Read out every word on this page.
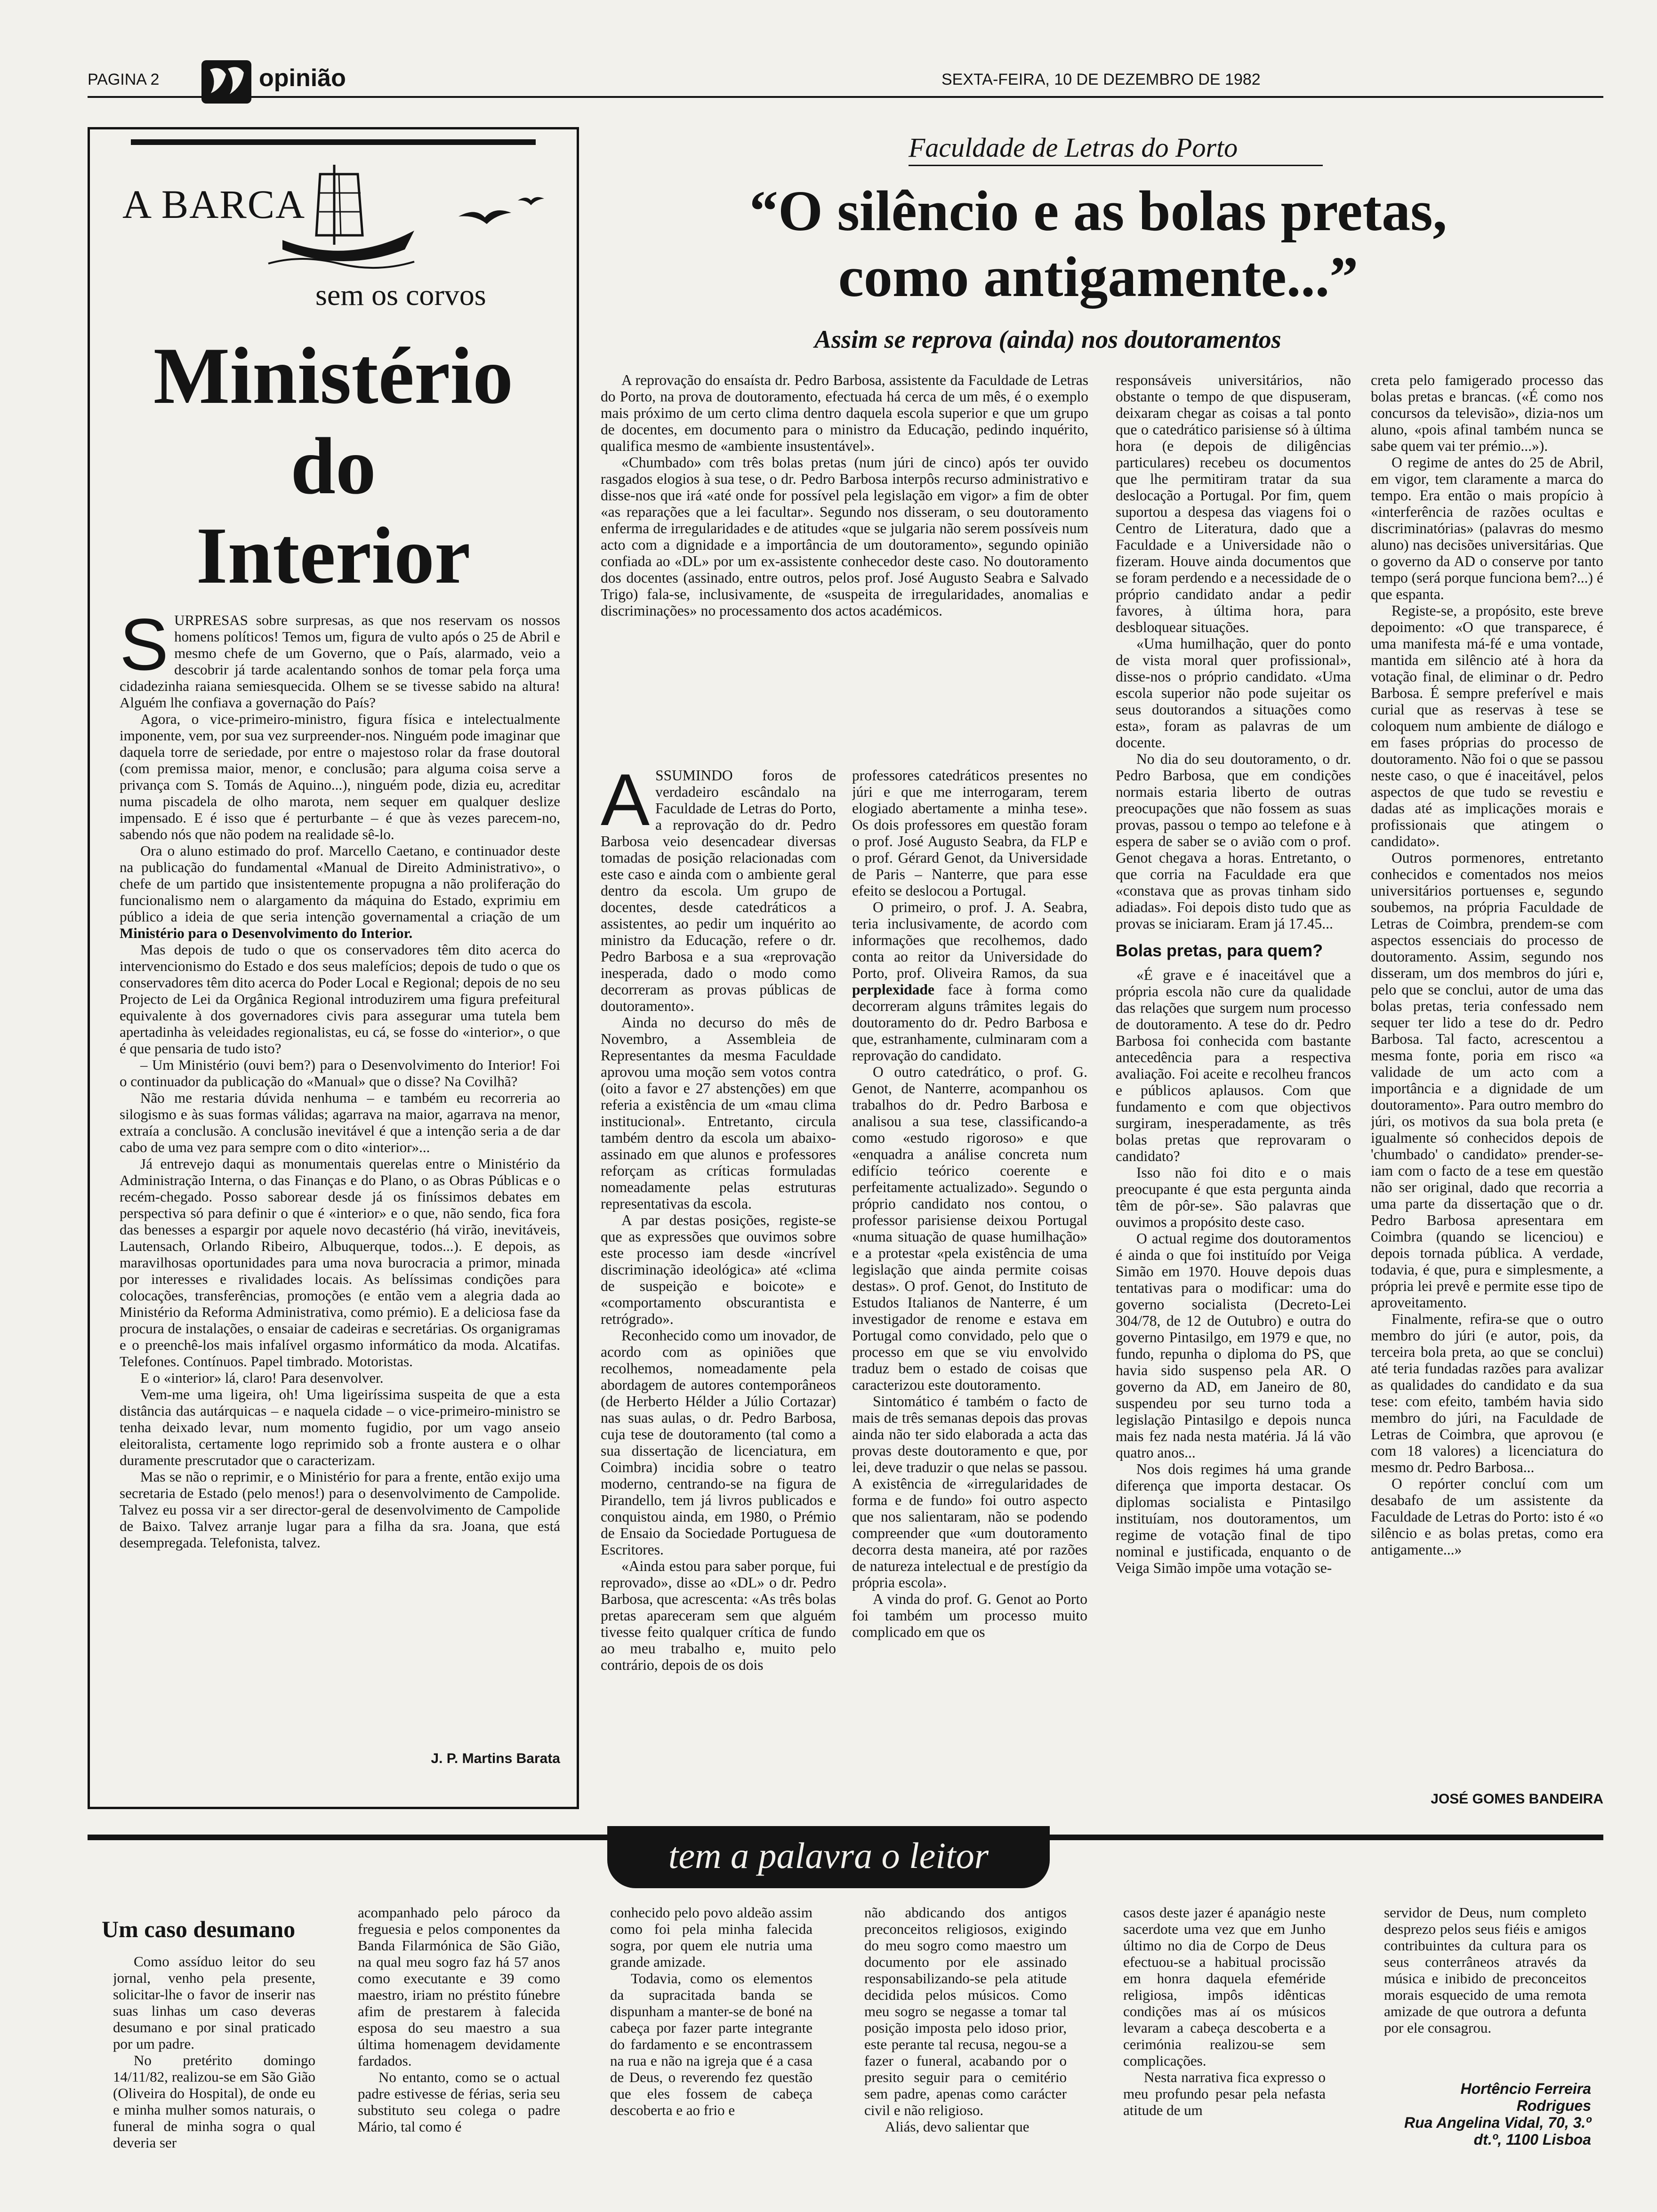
PAGINA 2	opinião	SEXTA-FEIRA, 10 DE DEZEMBRO DE 1982
A BARCA
sem os corvos
Ministério
do
Interior

SURPRESAS sobre surpresas, as que nos reservam os nossos homens políticos! Temos um, figura de vulto após o 25 de Abril e mesmo chefe de um Governo, que o País, alarmado, veio a descobrir já tarde acalentando sonhos de tomar pela força uma cidadezinha raiana semiesquecida. Olhem se se tivesse sabido na altura! Alguém lhe confiava a governação do País?

Agora, o vice-primeiro-ministro, figura física e intelectualmente imponente, vem, por sua vez surpreender-nos. Ninguém pode imaginar que daquela torre de seriedade, por entre o majestoso rolar da frase doutoral (com premissa maior, menor, e conclusão; para alguma coisa serve a privança com S. Tomás de Aquino...), ninguém pode, dizia eu, acreditar numa piscadela de olho marota, nem sequer em qualquer deslize impensado. E é isso que é perturbante – é que às vezes parecem-no, sabendo nós que não podem na realidade sê-lo.

Ora o aluno estimado do prof. Marcello Caetano, e continuador deste na publicação do fundamental «Manual de Direito Administrativo», o chefe de um partido que insistentemente propugna a não proliferação do funcionalismo nem o alargamento da máquina do Estado, exprimiu em público a ideia de que seria intenção governamental a criação de um Ministério para o Desenvolvimento do Interior.

Mas depois de tudo o que os conservadores têm dito acerca do intervencionismo do Estado e dos seus malefícios; depois de tudo o que os conservadores têm dito acerca do Poder Local e Regional; depois de no seu Projecto de Lei da Orgânica Regional introduzirem uma figura prefeitural equivalente à dos governadores civis para assegurar uma tutela bem apertadinha às veleidades regionalistas, eu cá, se fosse do «interior», o que é que pensaria de tudo isto?

– Um Ministério (ouvi bem?) para o Desenvolvimento do Interior! Foi o continuador da publicação do «Manual» que o disse? Na Covilhã?

Não me restaria dúvida nenhuma – e também eu recorreria ao silogismo e às suas formas válidas; agarrava na maior, agarrava na menor, extraía a conclusão. A conclusão inevitável é que a intenção seria a de dar cabo de uma vez para sempre com o dito «interior»...

Já entrevejo daqui as monumentais querelas entre o Ministério da Administração Interna, o das Finanças e do Plano, o as Obras Públicas e o recém-chegado. Posso saborear desde já os finíssimos debates em perspectiva só para definir o que é «interior» e o que, não sendo, fica fora das benesses a espargir por aquele novo decastério (há virão, inevitáveis, Lautensach, Orlando Ribeiro, Albuquerque, todos...). E depois, as maravilhosas oportunidades para uma nova burocracia a primor, minada por interesses e rivalidades locais. As belíssimas condições para colocações, transferências, promoções (e então vem a alegria dada ao Ministério da Reforma Administrativa, como prémio). E a deliciosa fase da procura de instalações, o ensaiar de cadeiras e secretárias. Os organigramas e o preenchê-los mais infalível orgasmo informático da moda. Alcatifas. Telefones. Contínuos. Papel timbrado. Motoristas.

E o «interior» lá, claro! Para desenvolver.

Vem-me uma ligeira, oh! Uma ligeiríssima suspeita de que a esta distância das autárquicas – e naquela cidade – o vice-primeiro-ministro se tenha deixado levar, num momento fugidio, por um vago anseio eleitoralista, certamente logo reprimido sob a fronte austera e o olhar duramente prescrutador que o caracterizam.

Mas se não o reprimir, e o Ministério for para a frente, então exijo uma secretaria de Estado (pelo menos!) para o desenvolvimento de Campolide. Talvez eu possa vir a ser director-geral de desenvolvimento de Campolide de Baixo. Talvez arranje lugar para a filha da sra. Joana, que está desempregada. Telefonista, talvez.

J. P. Martins Barata
Faculdade de Letras do Porto
“O silêncio e as bolas pretas,
como antigamente...”
Assim se reprova (ainda) nos doutoramentos

A reprovação do ensaísta dr. Pedro Barbosa, assistente da Faculdade de Letras do Porto, na prova de doutoramento, efectuada há cerca de um mês, é o exemplo mais próximo de um certo clima dentro daquela escola superior e que um grupo de docentes, em documento para o ministro da Educação, pedindo inquérito, qualifica mesmo de «ambiente insustentável».

«Chumbado» com três bolas pretas (num júri de cinco) após ter ouvido rasgados elogios à sua tese, o dr. Pedro Barbosa interpôs recurso administrativo e disse-nos que irá «até onde for possível pela legislação em vigor» a fim de obter «as reparações que a lei facultar». Segundo nos disseram, o seu doutoramento enferma de irregularidades e de atitudes «que se julgaria não serem possíveis num acto com a dignidade e a importância de um doutoramento», segundo opinião confiada ao «DL» por um ex-assistente conhecedor deste caso. No doutoramento dos docentes (assinado, entre outros, pelos prof. José Augusto Seabra e Salvado Trigo) fala-se, inclusivamente, de «suspeita de irregularidades, anomalias e discriminações» no processamento dos actos académicos.

ASSUMINDO foros de verdadeiro escândalo na Faculdade de Letras do Porto, a reprovação do dr. Pedro Barbosa veio desencadear diversas tomadas de posição relacionadas com este caso e ainda com o ambiente geral dentro da escola. Um grupo de docentes, desde catedráticos a assistentes, ao pedir um inquérito ao ministro da Educação, refere o dr. Pedro Barbosa e a sua «reprovação inesperada, dado o modo como decorreram as provas públicas de doutoramento».

Ainda no decurso do mês de Novembro, a Assembleia de Representantes da mesma Faculdade aprovou uma moção sem votos contra (oito a favor e 27 abstenções) em que referia a existência de um «mau clima institucional». Entretanto, circula também dentro da escola um abaixo-assinado em que alunos e professores reforçam as críticas formuladas nomeadamente pelas estruturas representativas da escola.

A par destas posições, registe-se que as expressões que ouvimos sobre este processo iam desde «incrível discriminação ideológica» até «clima de suspeição e boicote» e «comportamento obscurantista e retrógrado».

Reconhecido como um inovador, de acordo com as opiniões que recolhemos, nomeadamente pela abordagem de autores contemporâneos (de Herberto Hélder a Júlio Cortazar) nas suas aulas, o dr. Pedro Barbosa, cuja tese de doutoramento (tal como a sua dissertação de licenciatura, em Coimbra) incidia sobre o teatro moderno, centrando-se na figura de Pirandello, tem já livros publicados e conquistou ainda, em 1980, o Prémio de Ensaio da Sociedade Portuguesa de Escritores.

«Ainda estou para saber porque, fui reprovado», disse ao «DL» o dr. Pedro Barbosa, que acrescenta: «As três bolas pretas apareceram sem que alguém tivesse feito qualquer crítica de fundo ao meu trabalho e, muito pelo contrário, depois de os dois

professores catedráticos presentes no júri e que me interrogaram, terem elogiado abertamente a minha tese». Os dois professores em questão foram o prof. José Augusto Seabra, da FLP e o prof. Gérard Genot, da Universidade de Paris – Nanterre, que para esse efeito se deslocou a Portugal.

O primeiro, o prof. J. A. Seabra, teria inclusivamente, de acordo com informações que recolhemos, dado conta ao reitor da Universidade do Porto, prof. Oliveira Ramos, da sua perplexidade face à forma como decorreram alguns trâmites legais do doutoramento do dr. Pedro Barbosa e que, estranhamente, culminaram com a reprovação do candidato.

O outro catedrático, o prof. G. Genot, de Nanterre, acompanhou os trabalhos do dr. Pedro Barbosa e analisou a sua tese, classificando-a como «estudo rigoroso» e que «enquadra a análise concreta num edifício teórico coerente e perfeitamente actualizado». Segundo o próprio candidato nos contou, o professor parisiense deixou Portugal «numa situação de quase humilhação» e a protestar «pela existência de uma legislação que ainda permite coisas destas». O prof. Genot, do Instituto de Estudos Italianos de Nanterre, é um investigador de renome e estava em Portugal como convidado, pelo que o processo em que se viu envolvido traduz bem o estado de coisas que caracterizou este doutoramento.

Sintomático é também o facto de mais de três semanas depois das provas ainda não ter sido elaborada a acta das provas deste doutoramento e que, por lei, deve traduzir o que nelas se passou. A existência de «irregularidades de forma e de fundo» foi outro aspecto que nos salientaram, não se podendo compreender que «um doutoramento decorra desta maneira, até por razões de natureza intelectual e de prestígio da própria escola».

A vinda do prof. G. Genot ao Porto foi também um processo muito complicado em que os

responsáveis universitários, não obstante o tempo de que dispuseram, deixaram chegar as coisas a tal ponto que o catedrático parisiense só à última hora (e depois de diligências particulares) recebeu os documentos que lhe permitiram tratar da sua deslocação a Portugal. Por fim, quem suportou a despesa das viagens foi o Centro de Literatura, dado que a Faculdade e a Universidade não o fizeram. Houve ainda documentos que se foram perdendo e a necessidade de o próprio candidato andar a pedir favores, à última hora, para desbloquear situações.

«Uma humilhação, quer do ponto de vista moral quer profissional», disse-nos o próprio candidato. «Uma escola superior não pode sujeitar os seus doutorandos a situações como esta», foram as palavras de um docente.

No dia do seu doutoramento, o dr. Pedro Barbosa, que em condições normais estaria liberto de outras preocupações que não fossem as suas provas, passou o tempo ao telefone e à espera de saber se o avião com o prof. Genot chegava a horas. Entretanto, o que corria na Faculdade era que «constava que as provas tinham sido adiadas». Foi depois disto tudo que as provas se iniciaram. Eram já 17.45...

Bolas pretas, para quem?

«É grave e é inaceitável que a própria escola não cure da qualidade das relações que surgem num processo de doutoramento. A tese do dr. Pedro Barbosa foi conhecida com bastante antecedência para a respectiva avaliação. Foi aceite e recolheu francos e públicos aplausos. Com que fundamento e com que objectivos surgiram, inesperadamente, as três bolas pretas que reprovaram o candidato?

Isso não foi dito e o mais preocupante é que esta pergunta ainda têm de pôr-se». São palavras que ouvimos a propósito deste caso.

O actual regime dos doutoramentos é ainda o que foi instituído por Veiga Simão em 1970. Houve depois duas tentativas para o modificar: uma do governo socialista (Decreto-Lei 304/78, de 12 de Outubro) e outra do governo Pintasilgo, em 1979 e que, no fundo, repunha o diploma do PS, que havia sido suspenso pela AR. O governo da AD, em Janeiro de 80, suspendeu por seu turno toda a legislação Pintasilgo e depois nunca mais fez nada nesta matéria. Já lá vão quatro anos...

Nos dois regimes há uma grande diferença que importa destacar. Os diplomas socialista e Pintasilgo instituíam, nos doutoramentos, um regime de votação final de tipo nominal e justificada, enquanto o de Veiga Simão impõe uma votação se-

creta pelo famigerado processo das bolas pretas e brancas. («É como nos concursos da televisão», dizia-nos um aluno, «pois afinal também nunca se sabe quem vai ter prémio...»).

O regime de antes do 25 de Abril, em vigor, tem claramente a marca do tempo. Era então o mais propício à «interferência de razões ocultas e discriminatórias» (palavras do mesmo aluno) nas decisões universitárias. Que o governo da AD o conserve por tanto tempo (será porque funciona bem?...) é que espanta.

Registe-se, a propósito, este breve depoimento: «O que transparece, é uma manifesta má-fé e uma vontade, mantida em silêncio até à hora da votação final, de eliminar o dr. Pedro Barbosa. É sempre preferível e mais curial que as reservas à tese se coloquem num ambiente de diálogo e em fases próprias do processo de doutoramento. Não foi o que se passou neste caso, o que é inaceitável, pelos aspectos de que tudo se revestiu e dadas até as implicações morais e profissionais que atingem o candidato».

Outros pormenores, entretanto conhecidos e comentados nos meios universitários portuenses e, segundo soubemos, na própria Faculdade de Letras de Coimbra, prendem-se com aspectos essenciais do processo de doutoramento. Assim, segundo nos disseram, um dos membros do júri e, pelo que se conclui, autor de uma das bolas pretas, teria confessado nem sequer ter lido a tese do dr. Pedro Barbosa. Tal facto, acrescentou a mesma fonte, poria em risco «a validade de um acto com a importância e a dignidade de um doutoramento». Para outro membro do júri, os motivos da sua bola preta (e igualmente só conhecidos depois de 'chumbado' o candidato» prender-se-iam com o facto de a tese em questão não ser original, dado que recorria a uma parte da dissertação que o dr. Pedro Barbosa apresentara em Coimbra (quando se licenciou) e depois tornada pública. A verdade, todavia, é que, pura e simplesmente, a própria lei prevê e permite esse tipo de aproveitamento.

Finalmente, refira-se que o outro membro do júri (e autor, pois, da terceira bola preta, ao que se conclui) até teria fundadas razões para avalizar as qualidades do candidato e da sua tese: com efeito, também havia sido membro do júri, na Faculdade de Letras de Coimbra, que aprovou (e com 18 valores) a licenciatura do mesmo dr. Pedro Barbosa...

O repórter concluí com um desabafo de um assistente da Faculdade de Letras do Porto: isto é «o silêncio e as bolas pretas, como era antigamente...»

JOSÉ GOMES BANDEIRA
tem a palavra o leitor
Um caso desumano

Como assíduo leitor do seu jornal, venho pela presente, solicitar-lhe o favor de inserir nas suas linhas um caso deveras desumano e por sinal praticado por um padre.

No pretérito domingo 14/11/82, realizou-se em São Gião (Oliveira do Hospital), de onde eu e minha mulher somos naturais, o funeral de minha sogra o qual deveria ser

acompanhado pelo pároco da freguesia e pelos componentes da Banda Filarmónica de São Gião, na qual meu sogro faz há 57 anos como executante e 39 como maestro, iriam no préstito fúnebre afim de prestarem à falecida esposa do seu maestro a sua última homenagem devidamente fardados.

No entanto, como se o actual padre estivesse de férias, seria seu substituto seu colega o padre Mário, tal como é

conhecido pelo povo aldeão assim como foi pela minha falecida sogra, por quem ele nutria uma grande amizade.

Todavia, como os elementos da supracitada banda se dispunham a manter-se de boné na cabeça por fazer parte integrante do fardamento e se encontrassem na rua e não na igreja que é a casa de Deus, o reverendo fez questão que eles fossem de cabeça descoberta e ao frio e

não abdicando dos antigos preconceitos religiosos, exigindo do meu sogro como maestro um documento por ele assinado responsabilizando-se pela atitude decidida pelos músicos. Como meu sogro se negasse a tomar tal posição imposta pelo idoso prior, este perante tal recusa, negou-se a fazer o funeral, acabando por o presito seguir para o cemitério sem padre, apenas como carácter civil e não religioso.

Aliás, devo salientar que

casos deste jazer é apanágio neste sacerdote uma vez que em Junho último no dia de Corpo de Deus efectuou-se a habitual procissão em honra daquela efeméride religiosa, impôs idênticas condições mas aí os músicos levaram a cabeça descoberta e a cerimónia realizou-se sem complicações.

Nesta narrativa fica expresso o meu profundo pesar pela nefasta atitude de um

servidor de Deus, num completo desprezo pelos seus fiéis e amigos contribuintes da cultura para os seus conterrâneos através da música e inibido de preconceitos morais esquecido de uma remota amizade de que outrora a defunta por ele consagrou.

Hortêncio Ferreira
Rodrigues
Rua Angelina Vidal, 70, 3.º
dt.º, 1100 Lisboa
